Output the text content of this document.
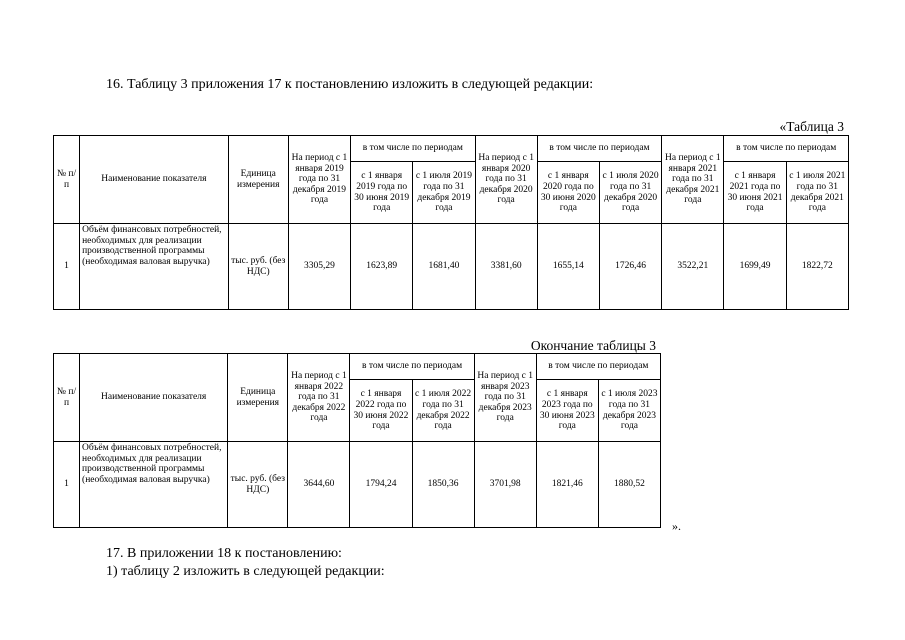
16. Таблицу 3 приложения 17 к постановлению изложить в следующей редакции:
«Таблица 3
№ п/п	Наименование показателя	Единица измерения	На период с 1 января 2019 года по 31 декабря 2019 года	в том числе по периодам		На период с 1 января 2020 года по 31 декабря 2020 года	в том числе по периодам		На период с 1 января 2021 года по 31 декабря 2021 года	в том числе по периодам	
				с 1 января 2019 года по 30 июня 2019 года	с 1 июля 2019 года по 31 декабря 2019 года		с 1 января 2020 года по 30 июня 2020 года	с 1 июля 2020 года по 31 декабря 2020 года		с 1 января 2021 года по 30 июня 2021 года	с 1 июля 2021 года по 31 декабря 2021 года
1	Объём финансовых потребностей, необходимых для реализации производственной программы (необходимая валовая выручка)	тыс. руб. (без НДС)	3305,29	1623,89	1681,40	3381,60	1655,14	1726,46	3522,21	1699,49	1822,72
Окончание таблицы 3
№ п/п	Наименование показателя	Единица измерения	На период с 1 января 2022 года по 31 декабря 2022 года	в том числе по периодам		На период с 1 января 2023 года по 31 декабря 2023 года	в том числе по периодам	
				с 1 января 2022 года по 30 июня 2022 года	с 1 июля 2022 года по 31 декабря 2022 года		с 1 января 2023 года по 30 июня 2023 года	с 1 июля 2023 года по 31 декабря 2023 года
1	Объём финансовых потребностей, необходимых для реализации производственной программы (необходимая валовая выручка)	тыс. руб. (без НДС)	3644,60	1794,24	1850,36	3701,98	1821,46	1880,52
».
17. В приложении 18 к постановлению:
1) таблицу 2 изложить в следующей редакции:
